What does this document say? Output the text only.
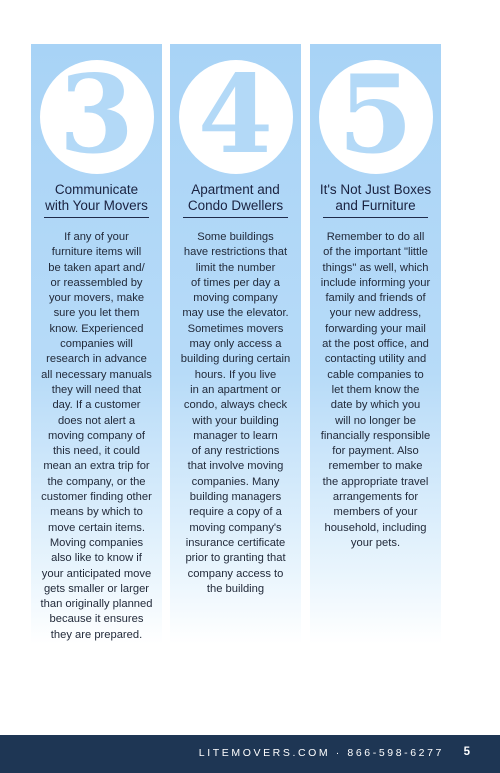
3
Communicate
with Your Movers

If any of your
furniture items will
be taken apart and/
or reassembled by
your movers, make
sure you let them
know. Experienced
companies will
research in advance
all necessary manuals
they will need that
day. If a customer
does not alert a
moving company of
this need, it could
mean an extra trip for
the company, or the
customer finding other
means by which to
move certain items.
Moving companies
also like to know if
your anticipated move
gets smaller or larger
than originally planned
because it ensures
they are prepared.

4
Apartment and
Condo Dwellers

Some buildings
have restrictions that
limit the number
of times per day a
moving company
may use the elevator.
Sometimes movers
may only access a
building during certain
hours. If you live
in an apartment or
condo, always check
with your building
manager to learn
of any restrictions
that involve moving
companies. Many
building managers
require a copy of a
moving company's
insurance certificate
prior to granting that
company access to
the building

5
It's Not Just Boxes
and Furniture

Remember to do all
of the important "little
things" as well, which
include informing your
family and friends of
your new address,
forwarding your mail
at the post office, and
contacting utility and
cable companies to
let them know the
date by which you
will no longer be
financially responsible
for payment. Also
remember to make
the appropriate travel
arrangements for
members of your
household, including
your pets.

LITEMOVERS.COM · 866-598-6277 5
